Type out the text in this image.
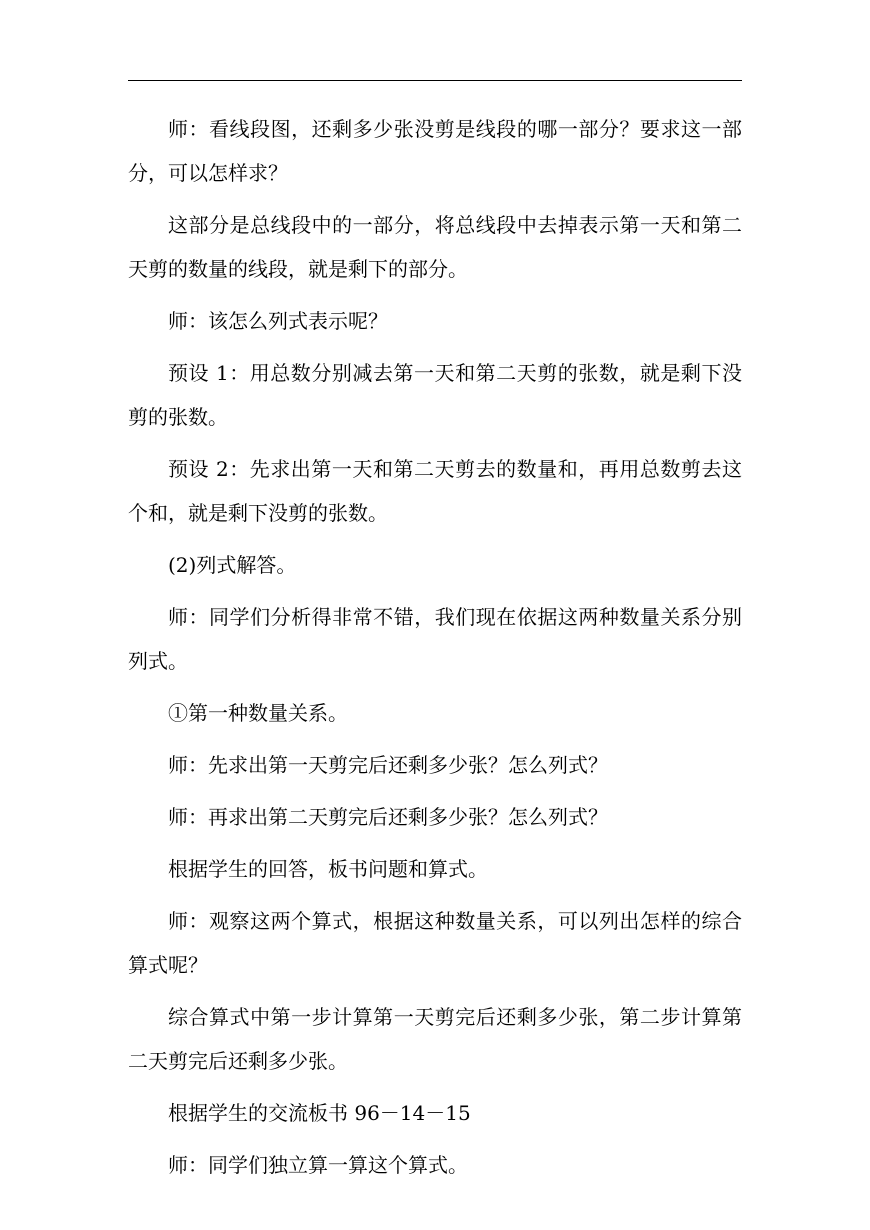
师：看线段图，还剩多少张没剪是线段的哪一部分？要求这一部分，可以怎样求？

这部分是总线段中的一部分，将总线段中去掉表示第一天和第二天剪的数量的线段，就是剩下的部分。

师：该怎么列式表示呢？

预设 1：用总数分别减去第一天和第二天剪的张数，就是剩下没剪的张数。

预设 2：先求出第一天和第二天剪去的数量和，再用总数剪去这个和，就是剩下没剪的张数。

(2)列式解答。

师：同学们分析得非常不错，我们现在依据这两种数量关系分别列式。

①第一种数量关系。

师：先求出第一天剪完后还剩多少张？怎么列式？

师：再求出第二天剪完后还剩多少张？怎么列式？

根据学生的回答，板书问题和算式。

师：观察这两个算式，根据这种数量关系，可以列出怎样的综合算式呢？

综合算式中第一步计算第一天剪完后还剩多少张，第二步计算第二天剪完后还剩多少张。

根据学生的交流板书 96－14－15

师：同学们独立算一算这个算式。
